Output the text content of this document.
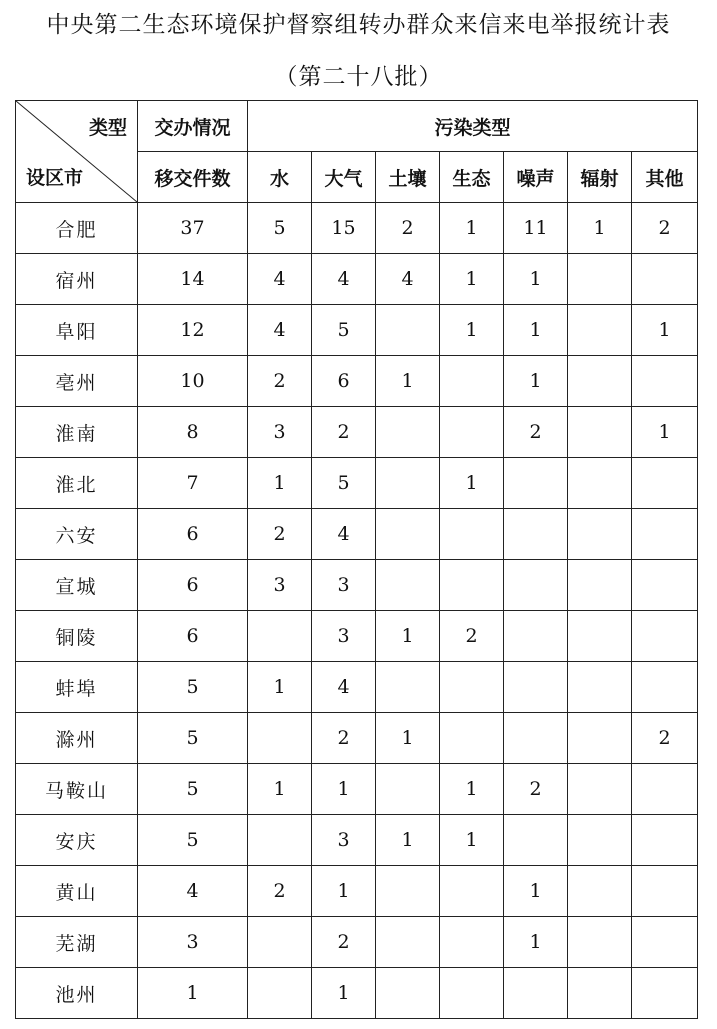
中央第二生态环境保护督察组转办群众来信来电举报统计表
（第二十八批）
类型
设区市	交办情况	污染类型						
	移交件数	水	大气	土壤	生态	噪声	辐射	其他
合肥	37	5	15	2	1	11	1	2
宿州	14	4	4	4	1	1		
阜阳	12	4	5		1	1		1
亳州	10	2	6	1		1		
淮南	8	3	2			2		1
淮北	7	1	5		1			
六安	6	2	4					
宣城	6	3	3					
铜陵	6		3	1	2			
蚌埠	5	1	4					
滁州	5		2	1				2
马鞍山	5	1	1		1	2		
安庆	5		3	1	1			
黄山	4	2	1			1		
芜湖	3		2			1		
池州	1		1					
